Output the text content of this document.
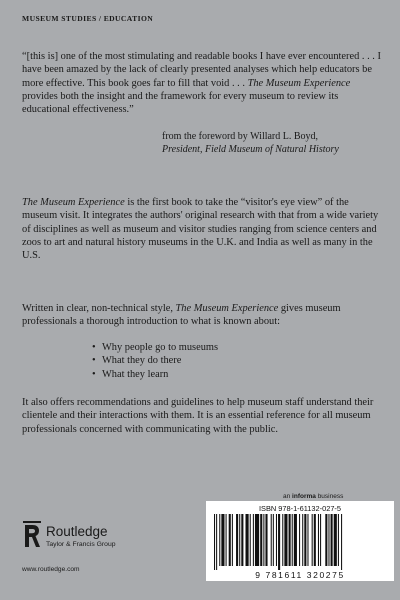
MUSEUM STUDIES / EDUCATION

“[this is] one of the most stimulating and readable books I have ever encountered . . . I have been amazed by the lack of clearly presented analyses which help educators be more effective. This book goes far to fill that void . . . The Museum Experience provides both the insight and the framework for every museum to review its educational effectiveness.”

from the foreword by Willard L. Boyd,
President, Field Museum of Natural History

The Museum Experience is the first book to take the “visitor's eye view” of the museum visit. It integrates the authors' original research with that from a wide variety of disciplines as well as museum and visitor studies ranging from science centers and zoos to art and natural history museums in the U.K. and India as well as many in the U.S.

Written in clear, non-technical style, The Museum Experience gives museum professionals a thorough introduction to what is known about:

• Why people go to museums
• What they do there
• What they learn

It also offers recommendations and guidelines to help museum staff understand their clientele and their interactions with them. It is an essential reference for all museum professionals concerned with communicating with the public.

an informa business
ISBN 978-1-61132-027-5
9 781611 320275
Routledge
Taylor & Francis Group
www.routledge.com
